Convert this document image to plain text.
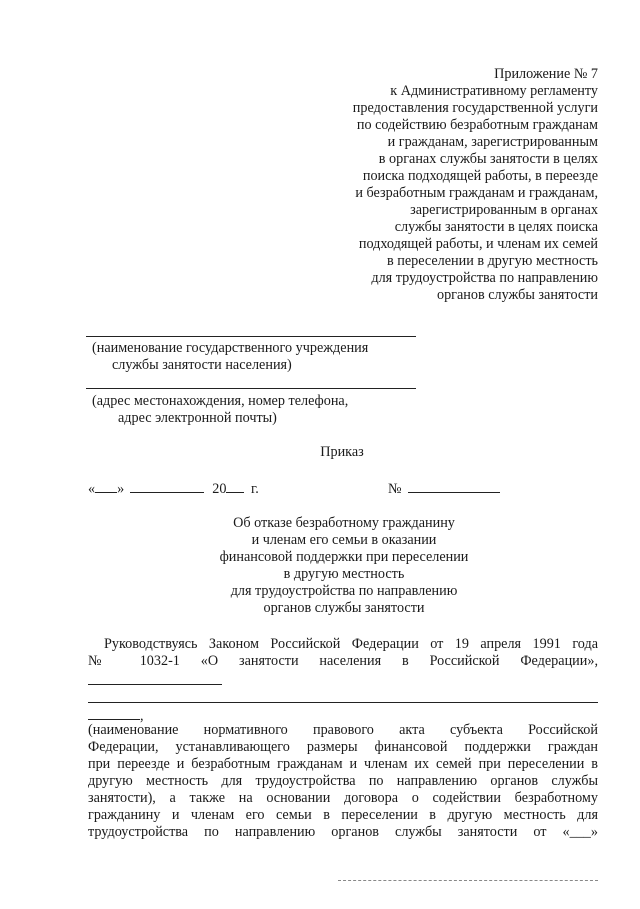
Приложение № 7
к Административному регламенту
предоставления государственной услуги
по содействию безработным гражданам
и гражданам, зарегистрированным
в органах службы занятости в целях
поиска подходящей работы, в переезде
и безработным гражданам и гражданам,
зарегистрированным в органах
службы занятости в целях поиска
подходящей работы, и членам их семей
в переселении в другую местность
для трудоустройства по направлению
органов службы занятости
(наименование государственного учреждения
службы занятости населения)
(адрес местонахождения, номер телефона,
адрес электронной почты)
Приказ
« »	20 г.	№
Об отказе безработному гражданину
и членам его семьи в оказании
финансовой поддержки при переселении
в другую местность
для трудоустройства по направлению
органов службы занятости
Руководствуясь Законом Российской Федерации от 19 апреля 1991 года
№ 1032-1 «О занятости населения в Российской Федерации»,
,
(наименование нормативного правового акта субъекта Российской
Федерации, устанавливающего размеры финансовой поддержки граждан
при переезде и безработным гражданам и членам их семей при переселении в
другую местность для трудоустройства по направлению органов службы
занятости), а также на основании договора о содействии безработному
гражданину и членам его семьи в переселении в другую местность для
трудоустройства по направлению органов службы занятости от «___»
